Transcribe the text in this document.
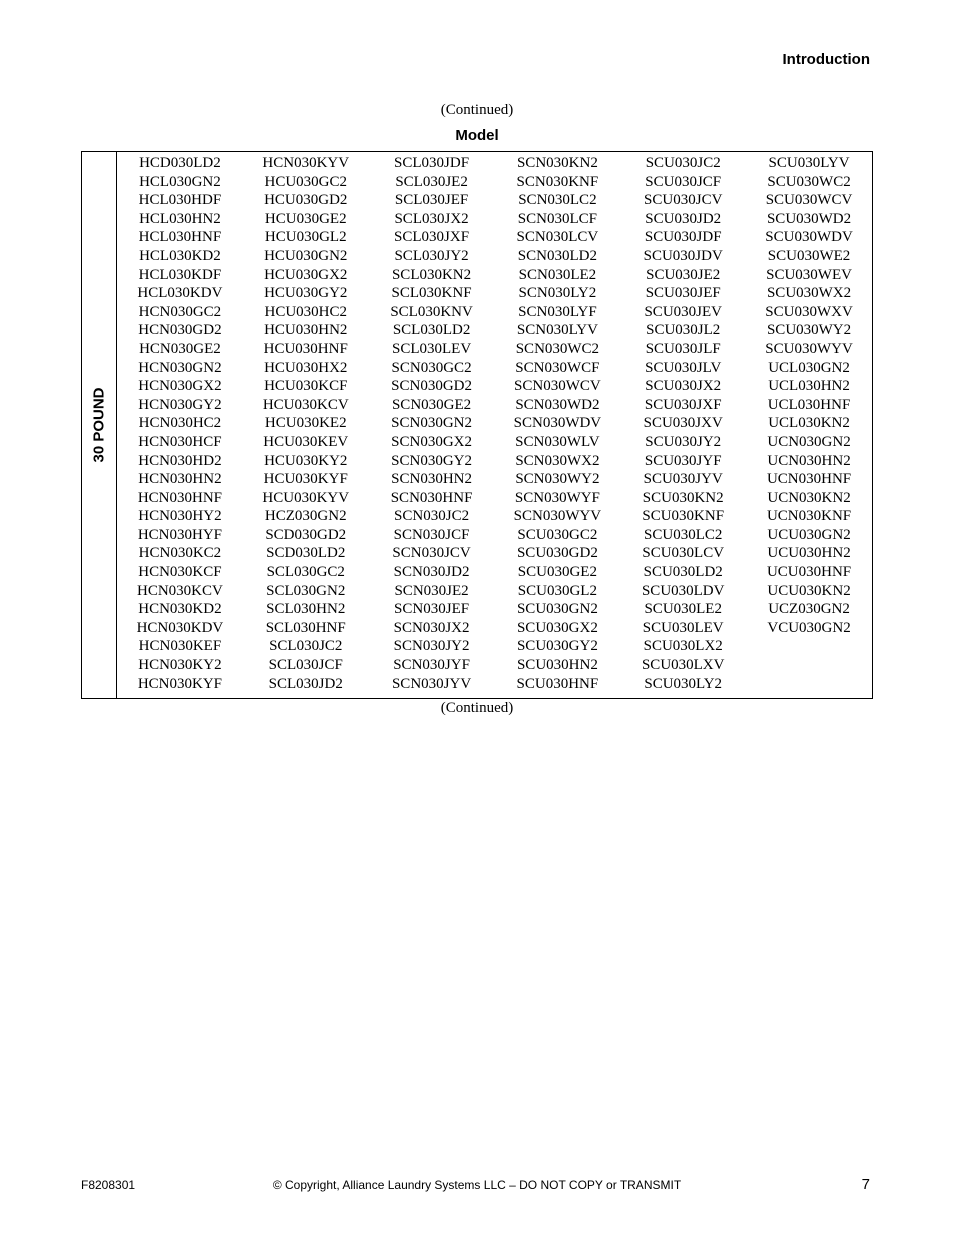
Introduction
(Continued)
Model
30 POUND
HCD030LD2
HCL030GN2
HCL030HDF
HCL030HN2
HCL030HNF
HCL030KD2
HCL030KDF
HCL030KDV
HCN030GC2
HCN030GD2
HCN030GE2
HCN030GN2
HCN030GX2
HCN030GY2
HCN030HC2
HCN030HCF
HCN030HD2
HCN030HN2
HCN030HNF
HCN030HY2
HCN030HYF
HCN030KC2
HCN030KCF
HCN030KCV
HCN030KD2
HCN030KDV
HCN030KEF
HCN030KY2
HCN030KYF
HCN030KYV
HCU030GC2
HCU030GD2
HCU030GE2
HCU030GL2
HCU030GN2
HCU030GX2
HCU030GY2
HCU030HC2
HCU030HN2
HCU030HNF
HCU030HX2
HCU030KCF
HCU030KCV
HCU030KE2
HCU030KEV
HCU030KY2
HCU030KYF
HCU030KYV
HCZ030GN2
SCD030GD2
SCD030LD2
SCL030GC2
SCL030GN2
SCL030HN2
SCL030HNF
SCL030JC2
SCL030JCF
SCL030JD2
SCL030JDF
SCL030JE2
SCL030JEF
SCL030JX2
SCL030JXF
SCL030JY2
SCL030KN2
SCL030KNF
SCL030KNV
SCL030LD2
SCL030LEV
SCN030GC2
SCN030GD2
SCN030GE2
SCN030GN2
SCN030GX2
SCN030GY2
SCN030HN2
SCN030HNF
SCN030JC2
SCN030JCF
SCN030JCV
SCN030JD2
SCN030JE2
SCN030JEF
SCN030JX2
SCN030JY2
SCN030JYF
SCN030JYV
SCN030KN2
SCN030KNF
SCN030LC2
SCN030LCF
SCN030LCV
SCN030LD2
SCN030LE2
SCN030LY2
SCN030LYF
SCN030LYV
SCN030WC2
SCN030WCF
SCN030WCV
SCN030WD2
SCN030WDV
SCN030WLV
SCN030WX2
SCN030WY2
SCN030WYF
SCN030WYV
SCU030GC2
SCU030GD2
SCU030GE2
SCU030GL2
SCU030GN2
SCU030GX2
SCU030GY2
SCU030HN2
SCU030HNF
SCU030JC2
SCU030JCF
SCU030JCV
SCU030JD2
SCU030JDF
SCU030JDV
SCU030JE2
SCU030JEF
SCU030JEV
SCU030JL2
SCU030JLF
SCU030JLV
SCU030JX2
SCU030JXF
SCU030JXV
SCU030JY2
SCU030JYF
SCU030JYV
SCU030KN2
SCU030KNF
SCU030LC2
SCU030LCV
SCU030LD2
SCU030LDV
SCU030LE2
SCU030LEV
SCU030LX2
SCU030LXV
SCU030LY2
SCU030LYV
SCU030WC2
SCU030WCV
SCU030WD2
SCU030WDV
SCU030WE2
SCU030WEV
SCU030WX2
SCU030WXV
SCU030WY2
SCU030WYV
UCL030GN2
UCL030HN2
UCL030HNF
UCL030KN2
UCN030GN2
UCN030HN2
UCN030HNF
UCN030KN2
UCN030KNF
UCU030GN2
UCU030HN2
UCU030HNF
UCU030KN2
UCZ030GN2
VCU030GN2
(Continued)
F8208301	© Copyright, Alliance Laundry Systems LLC – DO NOT COPY or TRANSMIT	7
